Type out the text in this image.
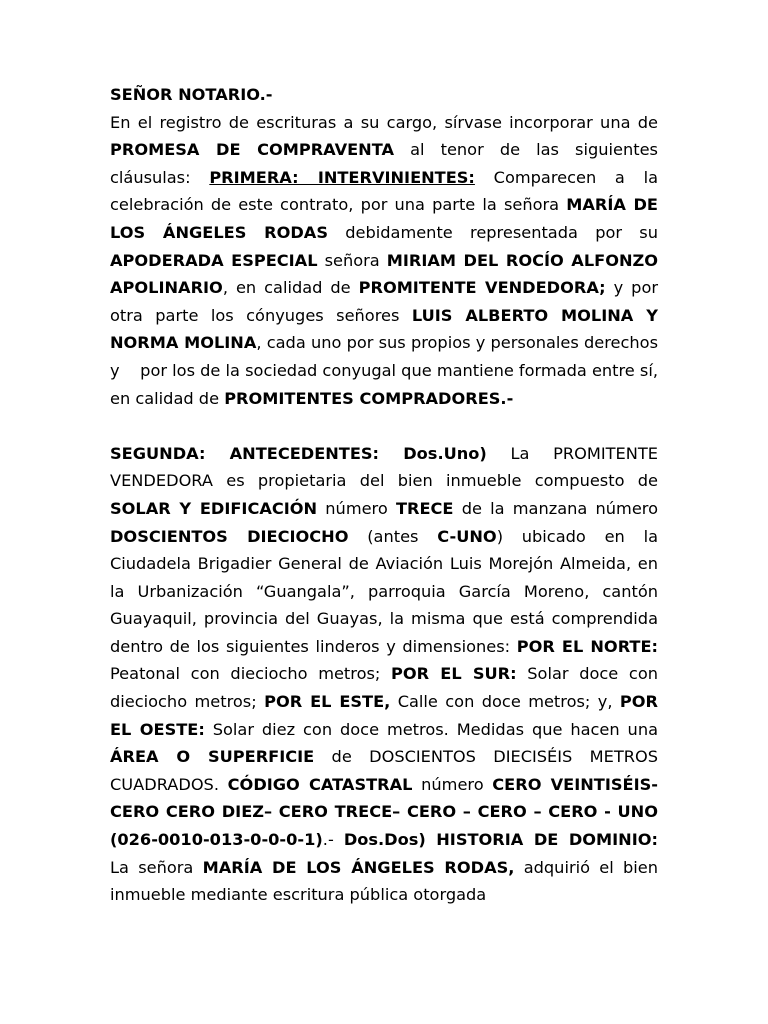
SEÑOR NOTARIO.-

En el registro de escrituras a su cargo, sírvase incorporar una de PROMESA DE COMPRAVENTA al tenor de las siguientes cláusulas: PRIMERA: INTERVINIENTES: Comparecen a la celebración de este contrato, por una parte la señora MARÍA DE LOS ÁNGELES RODAS debidamente representada por su APODERADA ESPECIAL señora MIRIAM DEL ROCÍO ALFONZO APOLINARIO, en calidad de PROMITENTE VENDEDORA; y por otra parte los cónyuges señores LUIS ALBERTO MOLINA Y NORMA MOLINA, cada uno por sus propios y personales derechos y    por los de la sociedad conyugal que mantiene formada entre sí, en calidad de PROMITENTES COMPRADORES.-

SEGUNDA: ANTECEDENTES: Dos.Uno) La PROMITENTE VENDEDORA es propietaria del bien inmueble compuesto de SOLAR Y EDIFICACIÓN número TRECE de la manzana número DOSCIENTOS DIECIOCHO (antes C-UNO) ubicado en la Ciudadela Brigadier General de Aviación Luis Morejón Almeida, en la Urbanización “Guangala”, parroquia García Moreno, cantón Guayaquil, provincia del Guayas, la misma que está comprendida dentro de los siguientes linderos y dimensiones: POR EL NORTE: Peatonal con dieciocho metros; POR EL SUR: Solar doce con dieciocho metros; POR EL ESTE, Calle con doce metros; y, POR EL OESTE: Solar diez con doce metros. Medidas que hacen una ÁREA O SUPERFICIE de DOSCIENTOS DIECISÉIS METROS CUADRADOS. CÓDIGO CATASTRAL número CERO VEINTISÉIS-CERO CERO DIEZ– CERO TRECE– CERO – CERO – CERO - UNO (026-0010-013-0-0-0-1).- Dos.Dos) HISTORIA DE DOMINIO: La señora MARÍA DE LOS ÁNGELES RODAS, adquirió el bien inmueble mediante escritura pública otorgada
